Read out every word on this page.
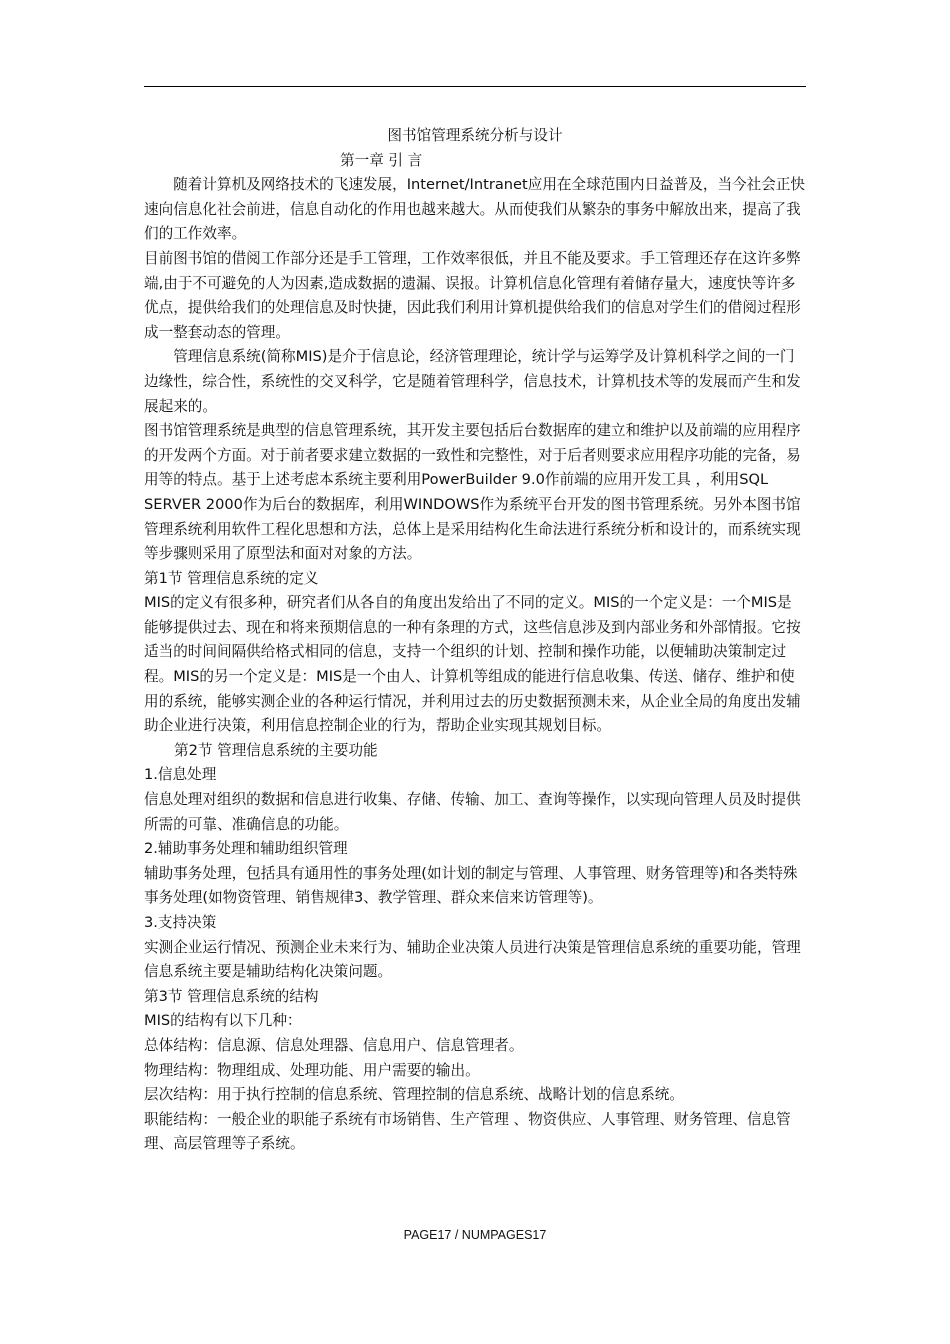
图书馆管理系统分析与设计

第一章 引 言

随着计算机及网络技术的飞速发展，Internet/Intranet应用在全球范围内日益普及，当今社会正快速向信息化社会前进，信息自动化的作用也越来越大。从而使我们从繁杂的事务中解放出来，提高了我们的工作效率。

目前图书馆的借阅工作部分还是手工管理，工作效率很低，并且不能及要求。手工管理还存在这许多弊端,由于不可避免的人为因素,造成数据的遗漏、误报。计算机信息化管理有着储存量大，速度快等许多优点，提供给我们的处理信息及时快捷，因此我们利用计算机提供给我们的信息对学生们的借阅过程形成一整套动态的管理。

管理信息系统(简称MIS)是介于信息论，经济管理理论，统计学与运筹学及计算机科学之间的一门边缘性，综合性，系统性的交叉科学，它是随着管理科学，信息技术，计算机技术等的发展而产生和发展起来的。

图书馆管理系统是典型的信息管理系统，其开发主要包括后台数据库的建立和维护以及前端的应用程序的开发两个方面。对于前者要求建立数据的一致性和完整性，对于后者则要求应用程序功能的完备，易用等的特点。基于上述考虑本系统主要利用PowerBuilder 9.0作前端的应用开发工具 ，利用SQL SERVER 2000作为后台的数据库，利用WINDOWS作为系统平台开发的图书管理系统。另外本图书馆管理系统利用软件工程化思想和方法，总体上是采用结构化生命法进行系统分析和设计的，而系统实现等步骤则采用了原型法和面对对象的方法。

第1节 管理信息系统的定义

MIS的定义有很多种，研究者们从各自的角度出发给出了不同的定义。MIS的一个定义是：一个MIS是能够提供过去、现在和将来预期信息的一种有条理的方式，这些信息涉及到内部业务和外部情报。它按适当的时间间隔供给格式相同的信息，支持一个组织的计划、控制和操作功能，以便辅助决策制定过程。MIS的另一个定义是：MIS是一个由人、计算机等组成的能进行信息收集、传送、储存、维护和使用的系统，能够实测企业的各种运行情况，并利用过去的历史数据预测未来，从企业全局的角度出发辅助企业进行决策，利用信息控制企业的行为，帮助企业实现其规划目标。

第2节 管理信息系统的主要功能

1.信息处理

信息处理对组织的数据和信息进行收集、存储、传输、加工、查询等操作，以实现向管理人员及时提供所需的可靠、准确信息的功能。

2.辅助事务处理和辅助组织管理

辅助事务处理，包括具有通用性的事务处理(如计划的制定与管理、人事管理、财务管理等)和各类特殊事务处理(如物资管理、销售规律3、教学管理、群众来信来访管理等)。

3.支持决策

实测企业运行情况、预测企业未来行为、辅助企业决策人员进行决策是管理信息系统的重要功能，管理信息系统主要是辅助结构化决策问题。

第3节 管理信息系统的结构

MIS的结构有以下几种：

总体结构：信息源、信息处理器、信息用户、信息管理者。

物理结构：物理组成、处理功能、用户需要的输出。

层次结构：用于执行控制的信息系统、管理控制的信息系统、战略计划的信息系统。

职能结构：一般企业的职能子系统有市场销售、生产管理 、物资供应、人事管理、财务管理、信息管理、高层管理等子系统。

PAGE17 / NUMPAGES17
